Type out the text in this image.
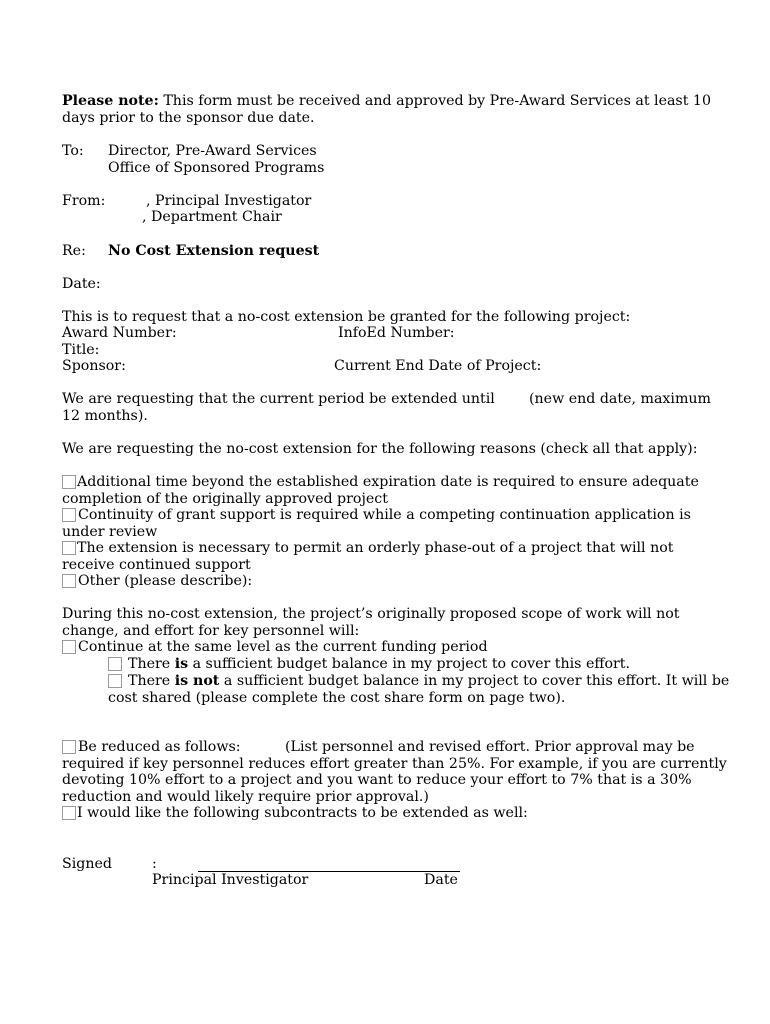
Please note: This form must be received and approved by Pre-Award Services at least 10
days prior to the sponsor due date.
To: Director, Pre-Award Services
Office of Sponsored Programs
From:	, Principal Investigator
, Department Chair
Re: No Cost Extension request
Date:
This is to request that a no-cost extension be granted for the following project:
Award Number:	InfoEd Number:
Title:
Sponsor:	Current End Date of Project:
We are requesting that the current period be extended until (new end date, maximum
12 months).
We are requesting the no-cost extension for the following reasons (check all that apply):
Additional time beyond the established expiration date is required to ensure adequate
completion of the originally approved project
Continuity of grant support is required while a competing continuation application is
under review
The extension is necessary to permit an orderly phase-out of a project that will not
receive continued support
Other (please describe):
During this no-cost extension, the project’s originally proposed scope of work will not
change, and effort for key personnel will:
Continue at the same level as the current funding period
There is a sufficient budget balance in my project to cover this effort.
There is not a sufficient budget balance in my project to cover this effort. It will be
cost shared (please complete the cost share form on page two).
Be reduced as follows:	(List personnel and revised effort. Prior approval may be
required if key personnel reduces effort greater than 25%. For example, if you are currently
devoting 10% effort to a project and you want to reduce your effort to 7% that is a 30%
reduction and would likely require prior approval.)
I would like the following subcontracts to be extended as well:
Signed	:
Principal Investigator	Date
